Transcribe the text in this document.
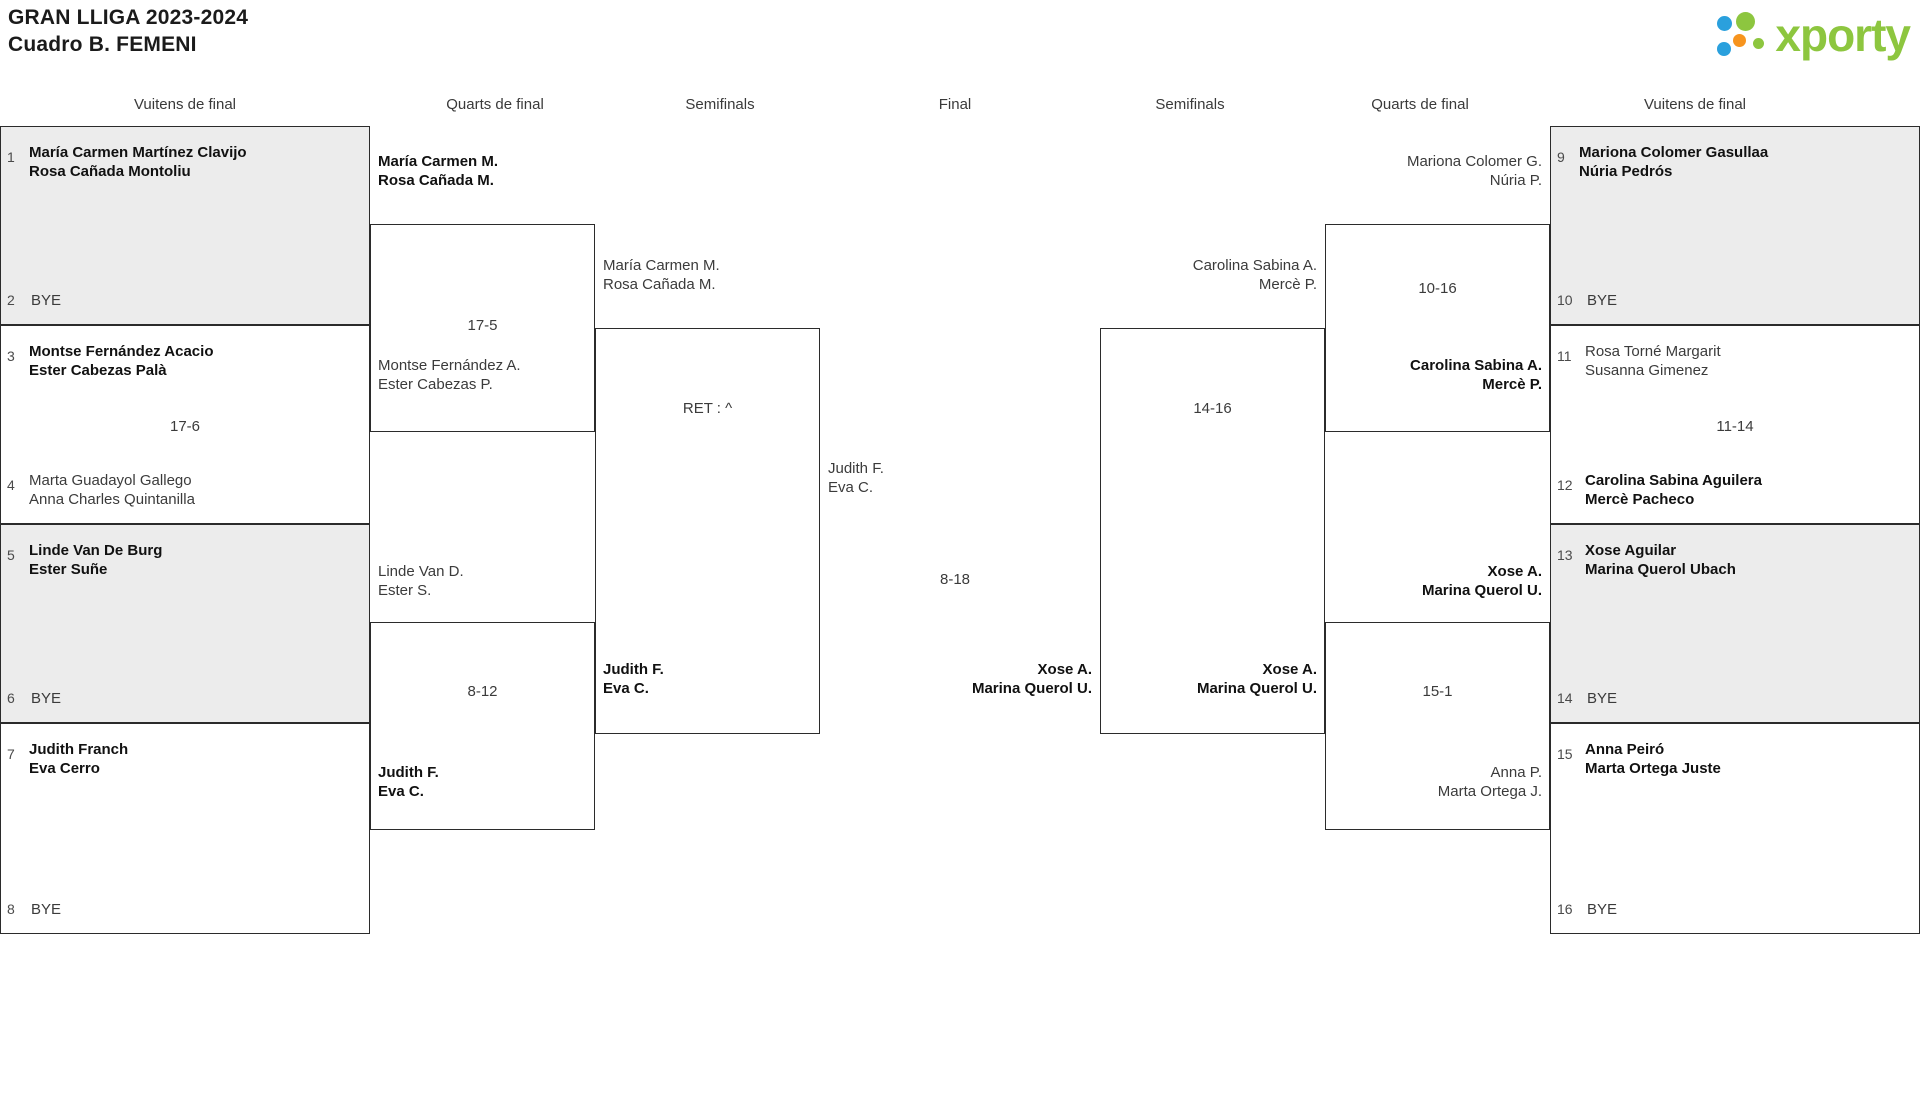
GRAN LLIGA 2023-2024
Cuadro B. FEMENI	xporty
Vuitens de final	Quarts de final	Semifinals	Final	Semifinals	Quarts de final	Vuitens de final
1 María Carmen Martínez Clavijo
Rosa Cañada Montoliu
2 BYE
3 Montse Fernández Acacio
Ester Cabezas Palà
17-6
4 Marta Guadayol Gallego
Anna Charles Quintanilla
5 Linde Van De Burg
Ester Suñe
6 BYE
7 Judith Franch
Eva Cerro
8 BYE
17-5
María Carmen M.
Rosa Cañada M.
Montse Fernández A.
Ester Cabezas P.
8-12
Linde Van D.
Ester S.
Judith F.
Eva C.
RET : ^
María Carmen M.
Rosa Cañada M.
Judith F.
Eva C.
Judith F.
Eva C.
8-18
Xose A.
Marina Querol U.
14-16
Carolina Sabina A.
Mercè P.
Xose A.
Marina Querol U.
10-16
Mariona Colomer G.
Núria P.
Carolina Sabina A.
Mercè P.
15-1
Xose A.
Marina Querol U.
Anna P.
Marta Ortega J.
9 Mariona Colomer Gasullaa
Núria Pedrós
10 BYE
11 Rosa Torné Margarit
Susanna Gimenez
11-14
12 Carolina Sabina Aguilera
Mercè Pacheco
13 Xose Aguilar
Marina Querol Ubach
14 BYE
15 Anna Peiró
Marta Ortega Juste
16 BYE
